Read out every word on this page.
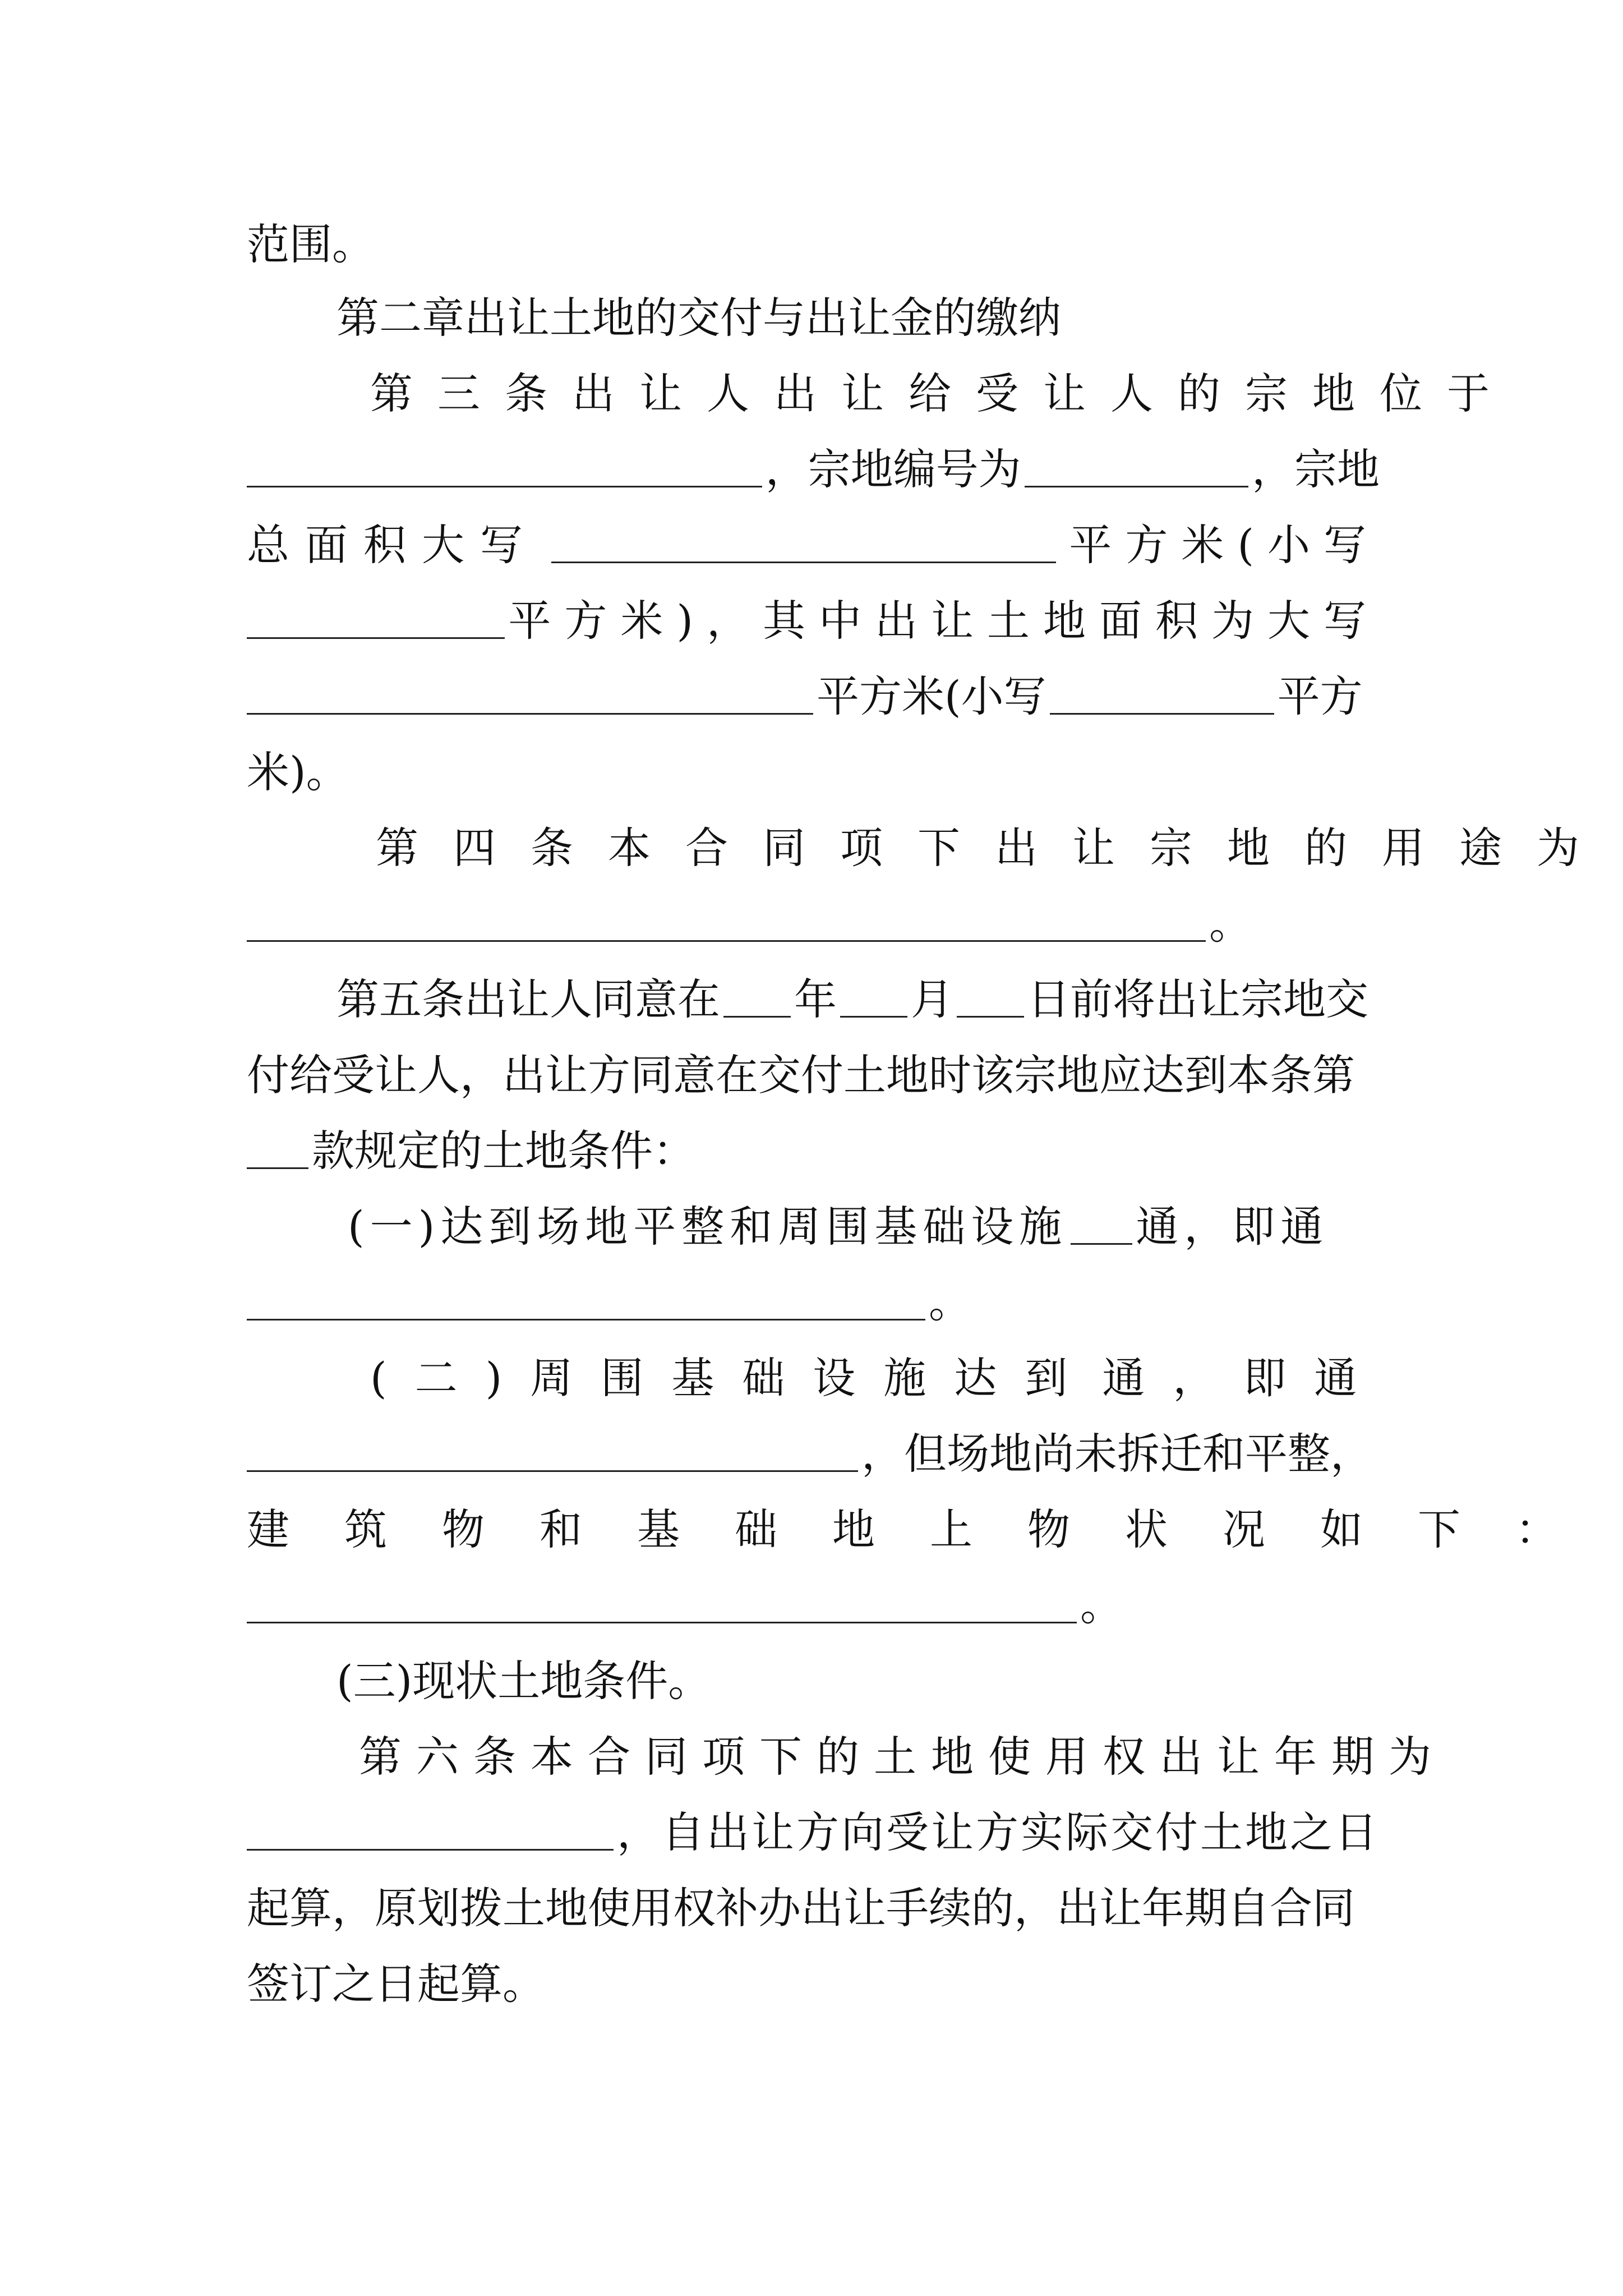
范围。
第二章出让土地的交付与出让金的缴纳
第三条出让人出让给受让人的宗地位于
，宗地编号为	，宗地
总面积大写	平方米(小写
平方米)，其中出让土地面积为大写
平方米(小写	平方
米)。
第四条本合同项下出让宗地的用途为
。
第五条出让人同意在 年 月 日前将出让宗地交
付给受让人，出让方同意在交付土地时该宗地应达到本条第
款规定的土地条件：
(一)达到场地平整和周围基础设施 通，即通
。
(二)周围基础设施达到 通，即通
，但场地尚未拆迁和平整，
建筑物和基础地上物状况如下：
。
(三)现状土地条件。
第六条本合同项下的土地使用权出让年期为
，自出让方向受让方实际交付土地之日
起算，原划拨土地使用权补办出让手续的，出让年期自合同
签订之日起算。
